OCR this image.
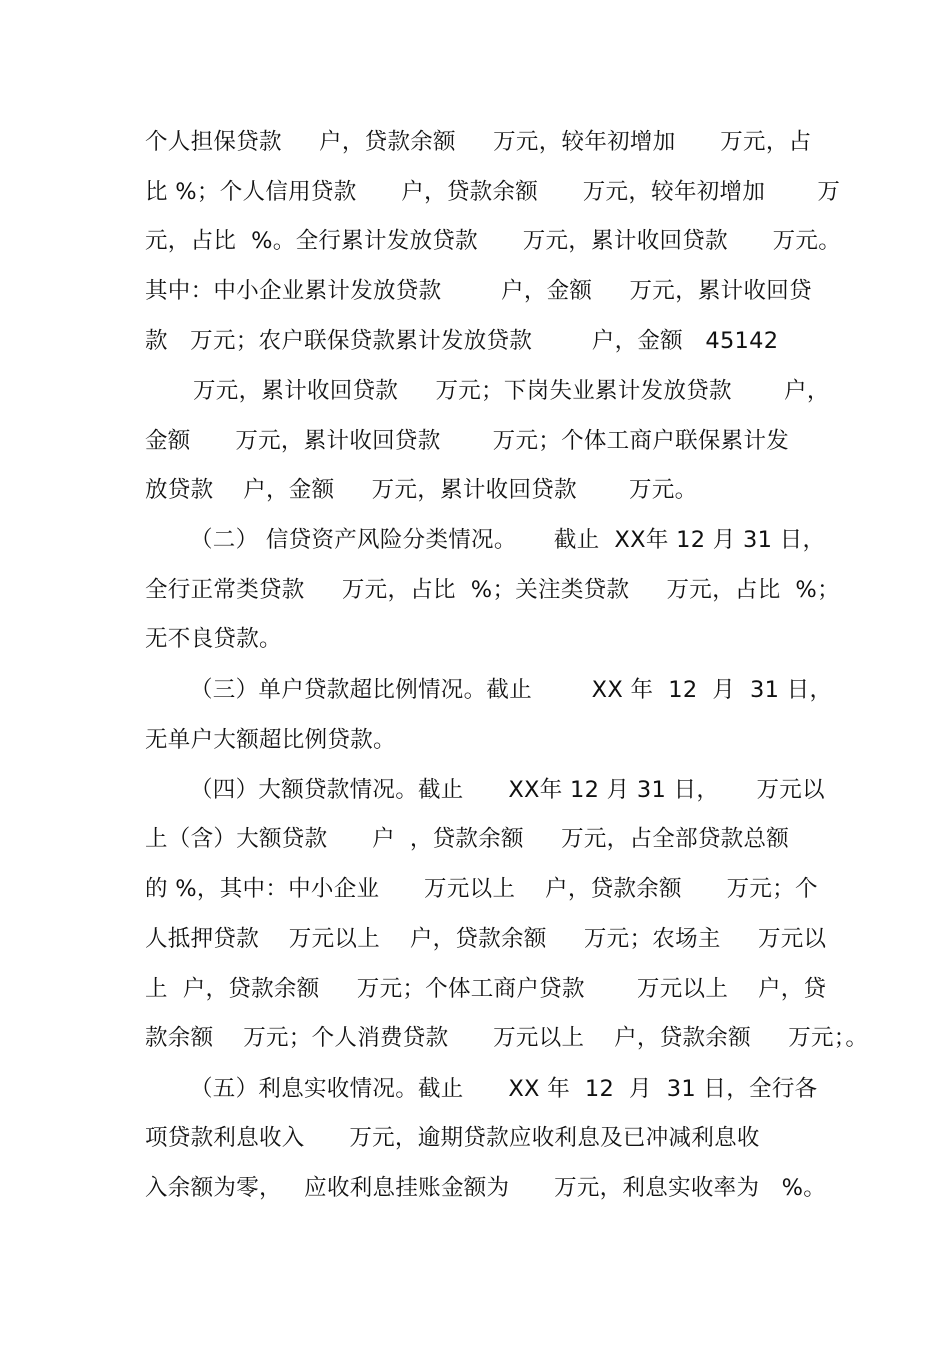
个人担保贷款     户，贷款余额     万元，较年初增加      万元，占
比 %；个人信用贷款      户，贷款余额      万元，较年初增加       万
元，占比  %。全行累计发放贷款      万元，累计收回贷款      万元。
其中：中小企业累计发放贷款        户，金额     万元，累计收回贷
款   万元；农户联保贷款累计发放贷款        户，金额   45142
万元，累计收回贷款     万元；下岗失业累计发放贷款       户，
金额      万元，累计收回贷款       万元；个体工商户联保累计发
放贷款    户，金额     万元，累计收回贷款       万元。
（二） 信贷资产风险分类情况。     截止  XX年 12 月 31 日，
全行正常类贷款     万元，占比  %；关注类贷款     万元，占比  %；
无不良贷款。
（三）单户贷款超比例情况。截止        XX 年  12  月  31 日，
无单户大额超比例贷款。
（四）大额贷款情况。截止      XX年 12 月 31 日，     万元以
上（含）大额贷款      户  ，贷款余额     万元，占全部贷款总额
的 %，其中：中小企业      万元以上    户，贷款余额      万元；个
人抵押贷款    万元以上    户，贷款余额     万元；农场主     万元以
上  户，贷款余额     万元；个体工商户贷款       万元以上    户，贷
款余额    万元；个人消费贷款      万元以上    户，贷款余额     万元；。
（五）利息实收情况。截止      XX 年  12  月  31 日，全行各
项贷款利息收入      万元，逾期贷款应收利息及已冲减利息收
入余额为零，   应收利息挂账金额为      万元，利息实收率为   %。
